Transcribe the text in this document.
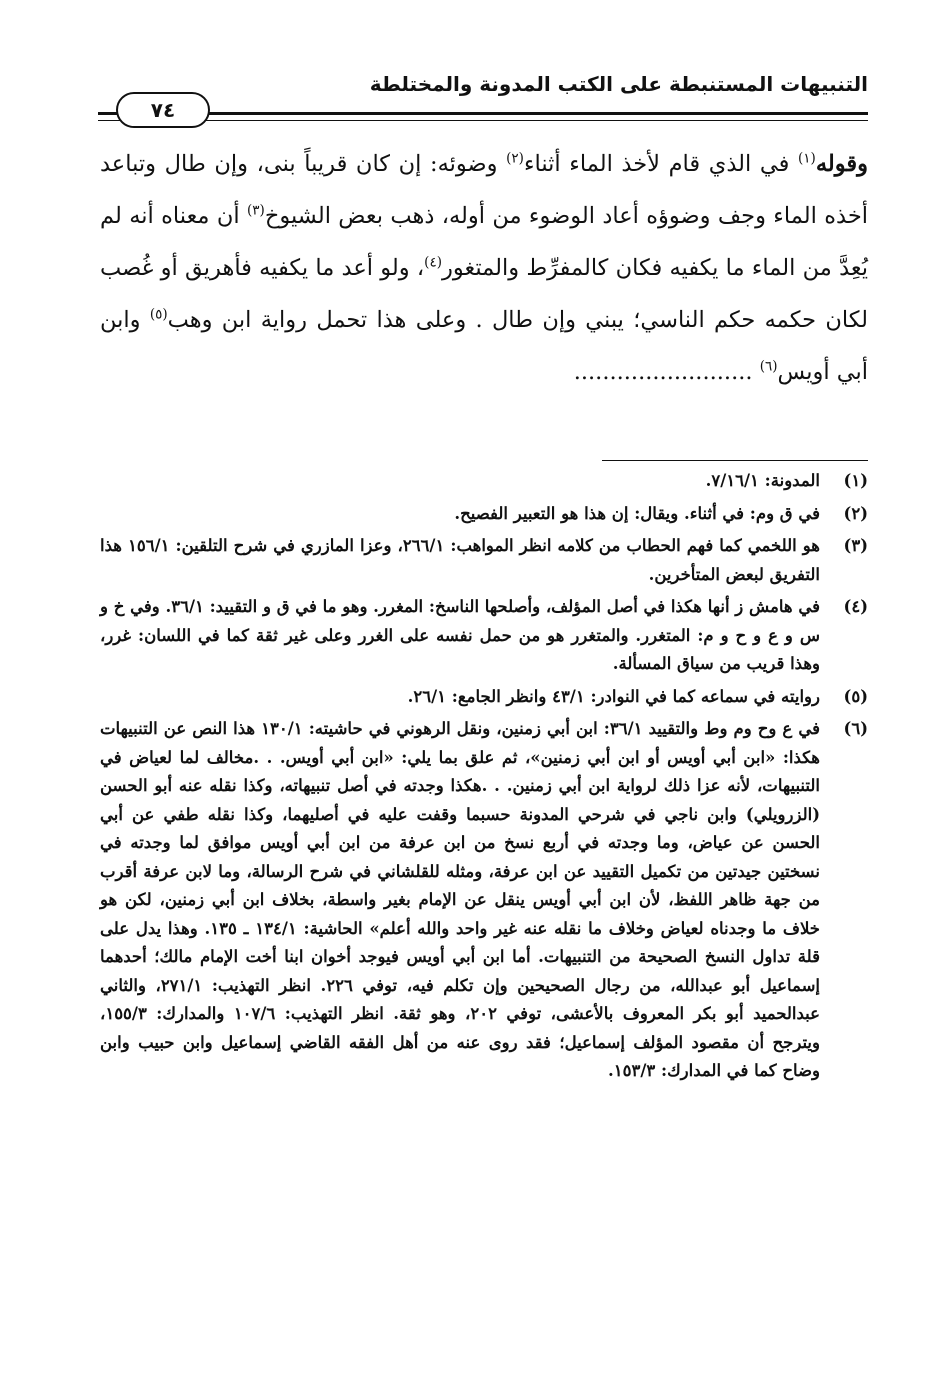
التنبيهات المستنبطة على الكتب المدونة والمختلطة
٧٤

وقوله$^{(١)}$ في الذي قام لأخذ الماء أثناء$^{(٢)}$ وضوئه: إن كان قريباً بنى، وإن طال وتباعد أخذه الماء وجف وضوؤه أعاد الوضوء من أوله، ذهب بعض الشيوخ$^{(٣)}$ أن معناه أنه لم يُعِدَّ من الماء ما يكفيه فكان كالمفرِّط والمتغور$^{(٤)}$، ولو أعد ما يكفيه فأهريق أو غُصب لكان حكمه حكم الناسي؛ يبني وإن طال . وعلى هذا تحمل رواية ابن وهب$^{(٥)}$ وابن أبي أويس$^{(٦)}$ .........................

(١)
المدونة: ٧/١٦/١.
(٢)
في ق وم: في أثناء. ويقال: إن هذا هو التعبير الفصيح.
(٣)
هو اللخمي كما فهم الحطاب من كلامه انظر المواهب: ٢٦٦/١، وعزا المازري في شرح التلقين: ١٥٦/١ هذا التفريق لبعض المتأخرين.
(٤)
في هامش ز أنها هكذا في أصل المؤلف، وأصلحها الناسخ: المغرر. وهو ما في ق و التقييد: ٣٦/١. وفي خ و س و ع و ح و م: المتغرر. والمتغرر هو من حمل نفسه على الغرر وعلى غير ثقة كما في اللسان: غرر، وهذا قريب من سياق المسألة.
(٥)
روايته في سماعه كما في النوادر: ٤٣/١ وانظر الجامع: ٢٦/١.
(٦)
في ع وح وم وط والتقييد ٣٦/١: ابن أبي زمنين، ونقل الرهوني في حاشيته: ١٣٠/١ هذا النص عن التنبيهات هكذا: «ابن أبي أويس أو ابن أبي زمنين»، ثم علق بما يلي: «ابن أبي أويس. . .مخالف لما لعياض في التنبيهات، لأنه عزا ذلك لرواية ابن أبي زمنين. . .هكذا وجدته في أصل تنبيهاته، وكذا نقله عنه أبو الحسن (الزرويلي) وابن ناجي في شرحي المدونة حسبما وقفت عليه في أصليهما، وكذا نقله طفي عن أبي الحسن عن عياض، وما وجدته في أربع نسخ من ابن عرفة من ابن أبي أويس موافق لما وجدته في نسختين جيدتين من تكميل التقييد عن ابن عرفة، ومثله للقلشاني في شرح الرسالة، وما لابن عرفة أقرب من جهة ظاهر اللفظ، لأن ابن أبي أويس ينقل عن الإمام بغير واسطة، بخلاف ابن أبي زمنين، لكن هو خلاف ما وجدناه لعياض وخلاف ما نقله عنه غير واحد والله أعلم» الحاشية: ١٣٤/١ ـ ١٣٥. وهذا يدل على قلة تداول النسخ الصحيحة من التنبيهات. أما ابن أبي أويس فيوجد أخوان ابنا أخت الإمام مالك؛ أحدهما إسماعيل أبو عبدالله، من رجال الصحيحين وإن تكلم فيه، توفي ٢٢٦. انظر التهذيب: ٢٧١/١، والثاني عبدالحميد أبو بكر المعروف بالأعشى، توفي ٢٠٢، وهو ثقة. انظر التهذيب: ١٠٧/٦ والمدارك: ١٥٥/٣، ويترجح أن مقصود المؤلف إسماعيل؛ فقد روى عنه من أهل الفقه القاضي إسماعيل وابن حبيب وابن وضاح كما في المدارك: ١٥٣/٣.
